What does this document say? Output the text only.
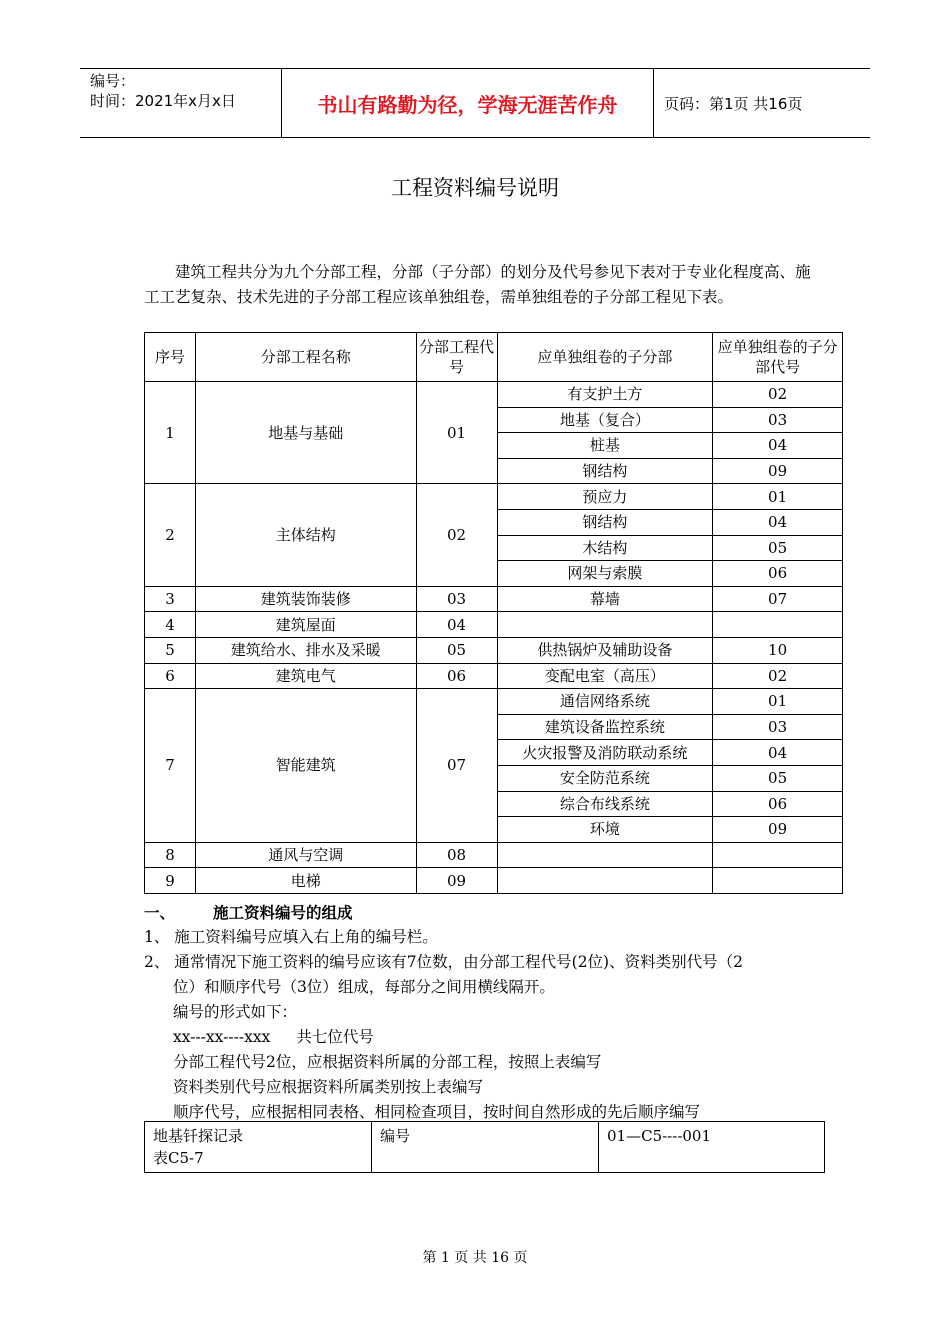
编号：
时间：2021年x月x日	书山有路勤为径，学海无涯苦作舟	页码：第1页 共16页
工程资料编号说明

建筑工程共分为九个分部工程，分部（子分部）的划分及代号参见下表对于专业化程度高、施工工艺复杂、技术先进的子分部工程应该单独组卷，需单独组卷的子分部工程见下表。

序号	分部工程名称	分部工程代号	应单独组卷的子分部	应单独组卷的子分部代号
1	地基与基础	01	有支护土方	02
			地基（复合）	03
			桩基	04
			钢结构	09
2	主体结构	02	预应力	01
			钢结构	04
			木结构	05
			网架与索膜	06
3	建筑装饰装修	03	幕墙	07
4	建筑屋面	04		
5	建筑给水、排水及采暖	05	供热锅炉及辅助设备	10
6	建筑电气	06	变配电室（高压）	02
7	智能建筑	07	通信网络系统	01
			建筑设备监控系统	03
			火灾报警及消防联动系统	04
			安全防范系统	05
			综合布线系统	06
			环境	09
8	通风与空调	08		
9	电梯	09		
一、 施工资料编号的组成
1、 施工资料编号应填入右上角的编号栏。
2、 通常情况下施工资料的编号应该有7位数，由分部工程代号(2位)、资料类别代号（2
位）和顺序代号（3位）组成，每部分之间用横线隔开。
编号的形式如下：
xx---xx----xxx 共七位代号
分部工程代号2位，应根据资料所属的分部工程，按照上表编写
资料类别代号应根据资料所属类别按上表编写
顺序代号，应根据相同表格、相同检查项目，按时间自然形成的先后顺序编写
地基钎探记录
表C5-7
	编号	01—C5----001
第 1 页 共 16 页
